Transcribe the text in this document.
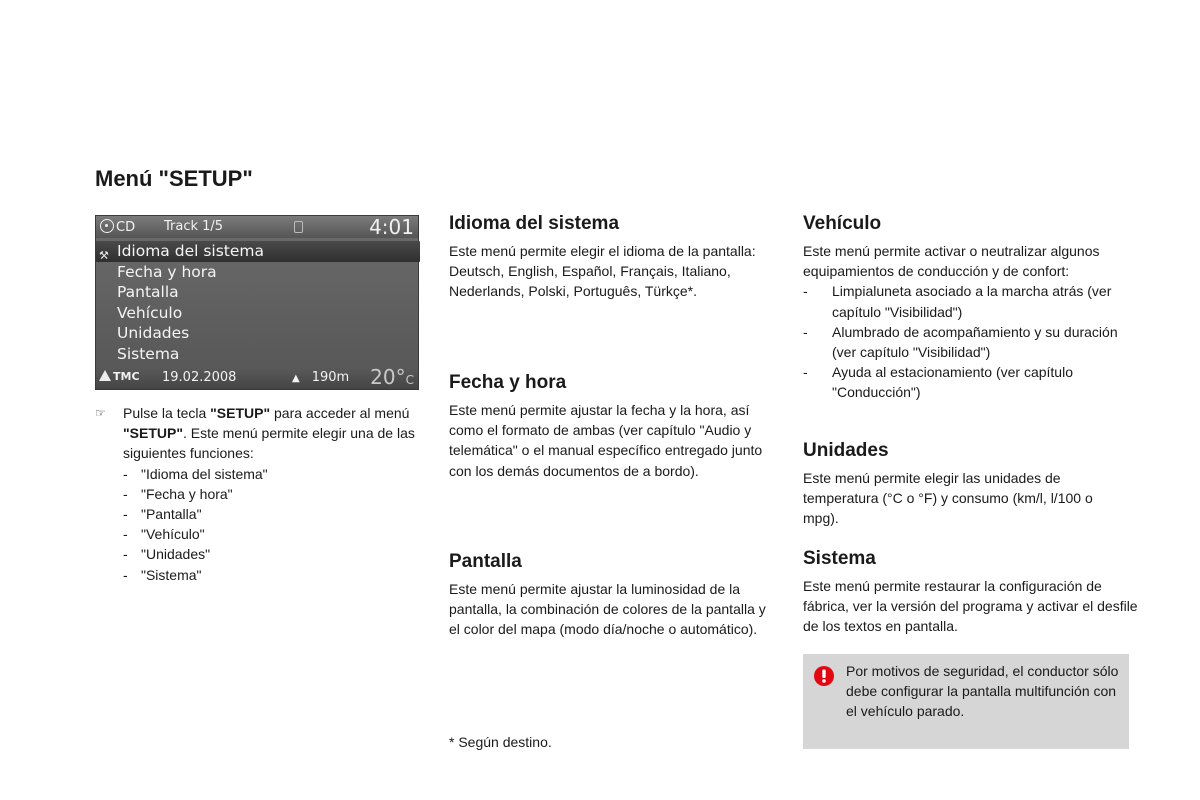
Menú "SETUP"
CD Track 1/5	4:01
⚒ Idioma del sistema
Fecha y hora
Pantalla
Vehículo
Unidades
Sistema
TMC 19.02.2008	▲ 190m 20°C
☞ Pulse la tecla "SETUP" para acceder al menú "SETUP". Este menú permite elegir una de las siguientes funciones:
- "Idioma del sistema"
- "Fecha y hora"
- "Pantalla"
- "Vehículo"
- "Unidades"
- "Sistema"
Idioma del sistema

Este menú permite elegir el idioma de la pantalla: Deutsch, English, Español, Français, Italiano, Nederlands, Polski, Português, Türkçe*.

Fecha y hora

Este menú permite ajustar la fecha y la hora, así como el formato de ambas (ver capítulo "Audio y telemática" o el manual específico entregado junto con los demás documentos de a bordo).

Pantalla

Este menú permite ajustar la luminosidad de la pantalla, la combinación de colores de la pantalla y el color del mapa (modo día/noche o automático).

* Según destino.
Vehículo

Este menú permite activar o neutralizar algunos equipamientos de conducción y de confort:

- Limpialuneta asociado a la marcha atrás (ver capítulo "Visibilidad")
- Alumbrado de acompañamiento y su duración (ver capítulo "Visibilidad")
- Ayuda al estacionamiento (ver capítulo "Conducción")
Unidades

Este menú permite elegir las unidades de temperatura (°C o °F) y consumo (km/l, l/100 o mpg).

Sistema

Este menú permite restaurar la configuración de fábrica, ver la versión del programa y activar el desfile de los textos en pantalla.

Por motivos de seguridad, el conductor sólo debe configurar la pantalla multifunción con el vehículo parado.
